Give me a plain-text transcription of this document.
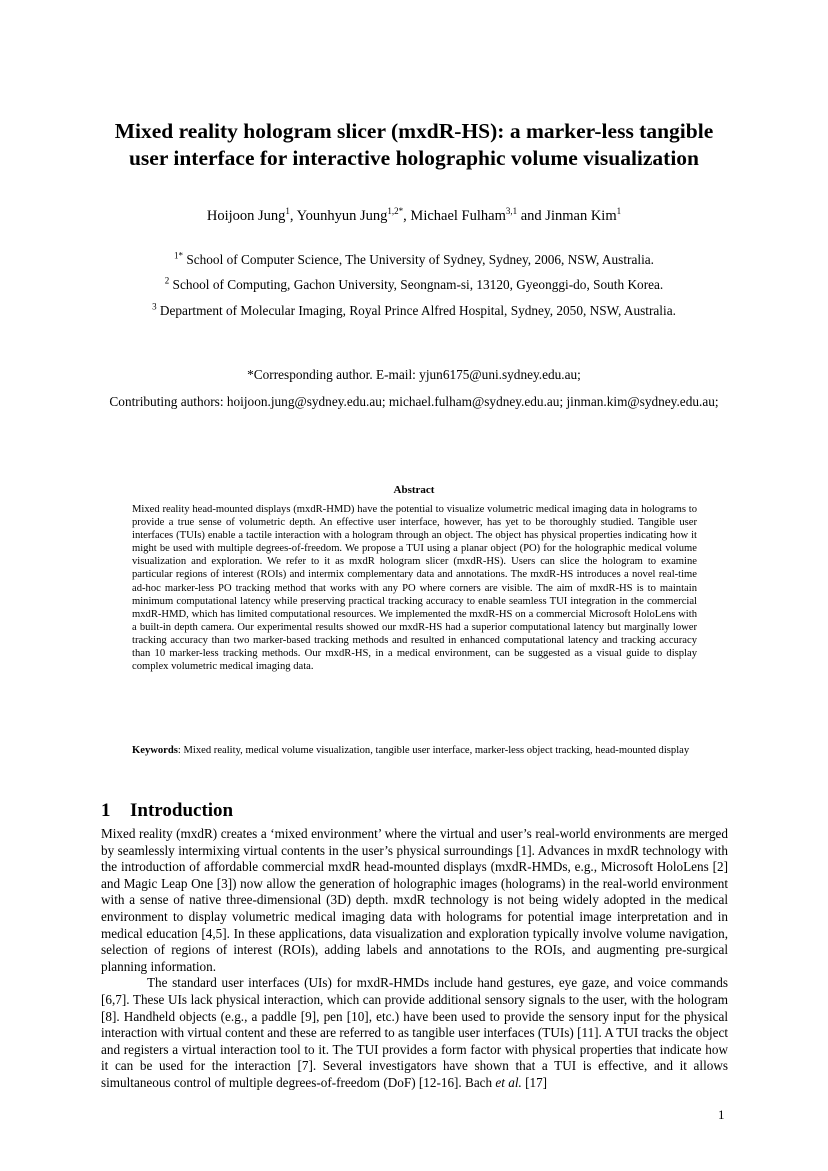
Mixed reality hologram slicer (mxdR-HS): a marker-less tangible user interface for interactive holographic volume visualization
Hoijoon Jung$^1$, Younhyun Jung$^{1,2*}$, Michael Fulham$^{3,1}$ and Jinman Kim$^1$
$^{1*}$ School of Computer Science, The University of Sydney, Sydney, 2006, NSW, Australia.
$^2$ School of Computing, Gachon University, Seongnam-si, 13120, Gyeonggi-do, South Korea.
$^3$ Department of Molecular Imaging, Royal Prince Alfred Hospital, Sydney, 2050, NSW, Australia.
*Corresponding author. E-mail: yjun6175@uni.sydney.edu.au;
Contributing authors: hoijoon.jung@sydney.edu.au; michael.fulham@sydney.edu.au; jinman.kim@sydney.edu.au;
Abstract
Mixed reality head-mounted displays (mxdR-HMD) have the potential to visualize volumetric medical imaging data in holograms to provide a true sense of volumetric depth. An effective user interface, however, has yet to be thoroughly studied. Tangible user interfaces (TUIs) enable a tactile interaction with a hologram through an object. The object has physical properties indicating how it might be used with multiple degrees-of-freedom. We propose a TUI using a planar object (PO) for the holographic medical volume visualization and exploration. We refer to it as mxdR hologram slicer (mxdR-HS). Users can slice the hologram to examine particular regions of interest (ROIs) and intermix complementary data and annotations. The mxdR-HS introduces a novel real-time ad-hoc marker-less PO tracking method that works with any PO where corners are visible. The aim of mxdR-HS is to maintain minimum computational latency while preserving practical tracking accuracy to enable seamless TUI integration in the commercial mxdR-HMD, which has limited computational resources. We implemented the mxdR-HS on a commercial Microsoft HoloLens with a built-in depth camera. Our experimental results showed our mxdR-HS had a superior computational latency but marginally lower tracking accuracy than two marker-based tracking methods and resulted in enhanced computational latency and tracking accuracy than 10 marker-less tracking methods. Our mxdR-HS, in a medical environment, can be suggested as a visual guide to display complex volumetric medical imaging data.
Keywords: Mixed reality, medical volume visualization, tangible user interface, marker-less object tracking, head-mounted display
1 Introduction

Mixed reality (mxdR) creates a ‘mixed environment’ where the virtual and user’s real-world environments are merged by seamlessly intermixing virtual contents in the user’s physical surroundings [1]. Advances in mxdR technology with the introduction of affordable commercial mxdR head-mounted displays (mxdR-HMDs, e.g., Microsoft HoloLens [2] and Magic Leap One [3]) now allow the generation of holographic images (holograms) in the real-world environment with a sense of native three-dimensional (3D) depth. mxdR technology is not being widely adopted in the medical environment to display volumetric medical imaging data with holograms for potential image interpretation and in medical education [4,5]. In these applications, data visualization and exploration typically involve volume navigation, selection of regions of interest (ROIs), adding labels and annotations to the ROIs, and augmenting pre-surgical planning information.

The standard user interfaces (UIs) for mxdR-HMDs include hand gestures, eye gaze, and voice commands [6,7]. These UIs lack physical interaction, which can provide additional sensory signals to the user, with the hologram [8]. Handheld objects (e.g., a paddle [9], pen [10], etc.) have been used to provide the sensory input for the physical interaction with virtual content and these are referred to as tangible user interfaces (TUIs) [11]. A TUI tracks the object and registers a virtual interaction tool to it. The TUI provides a form factor with physical properties that indicate how it can be used for the interaction [7]. Several investigators have shown that a TUI is effective, and it allows simultaneous control of multiple degrees-of-freedom (DoF) [12-16]. Bach et al. [17]

1
